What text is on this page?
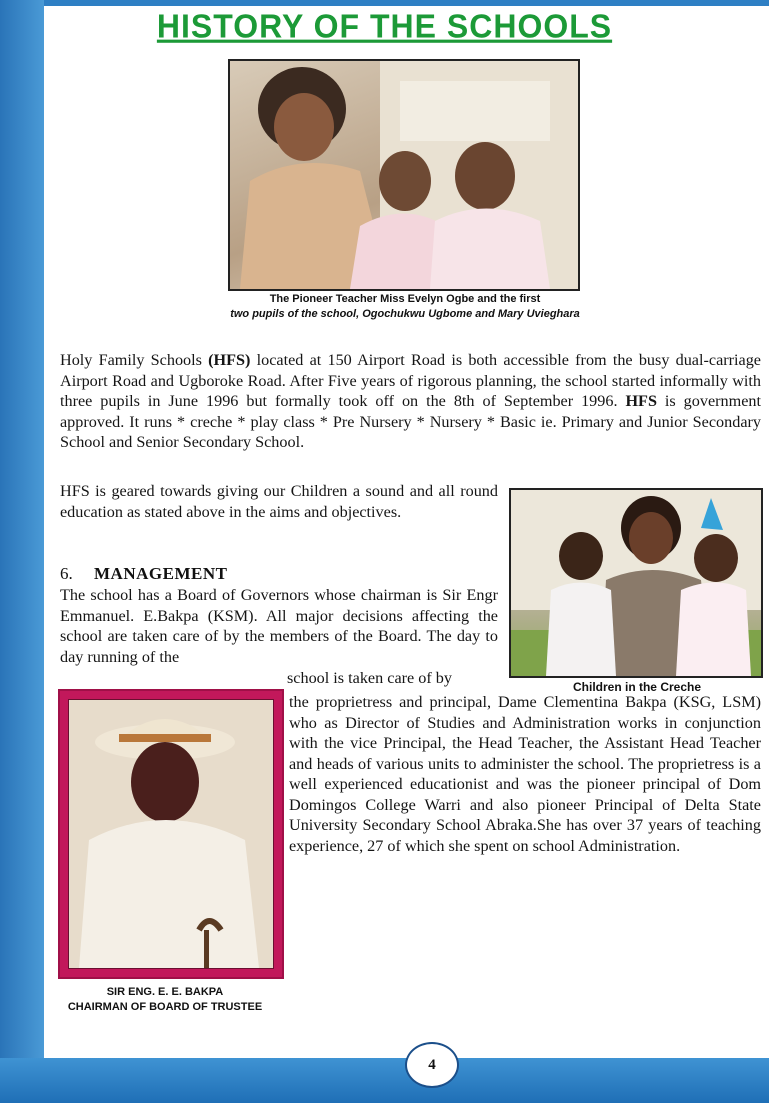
HISTORY OF THE SCHOOLS
The Pioneer Teacher Miss Evelyn Ogbe and the first
two pupils of the school, Ogochukwu Ugbome and Mary Uvieghara
Holy Family Schools (HFS) located at 150 Airport Road is both accessible from the busy dual-carriage Airport Road and Ugboroke Road. After Five years of rigorous planning, the school started informally with three pupils in June 1996 but formally took off on the 8th of September 1996. HFS is government approved. It runs * creche * play class * Pre Nursery * Nursery * Basic ie. Primary and Junior Secondary School and Senior Secondary School.
HFS is geared towards giving our Children a sound and all round education as stated above in the aims and objectives.
6. MANAGEMENT
The school has a Board of Governors whose chairman is Sir Engr Emmanuel. E.Bakpa (KSM). All major decisions affecting the school are taken care of by the members of the Board. The day to day running of the
school is taken care of by
the proprietress and principal, Dame Clementina Bakpa (KSG, LSM) who as Director of Studies and Administration works in conjunction with the vice Principal, the Head Teacher, the Assistant Head Teacher and heads of various units to administer the school. The proprietress is a well experienced educationist and was the pioneer principal of Dom Domingos College Warri and also pioneer Principal of Delta State University Secondary School Abraka.She has over 37 years of teaching experience, 27 of which she spent on school Administration.
Children in the Creche
SIR ENG. E. E. BAKPA
CHAIRMAN OF BOARD OF TRUSTEE
4
